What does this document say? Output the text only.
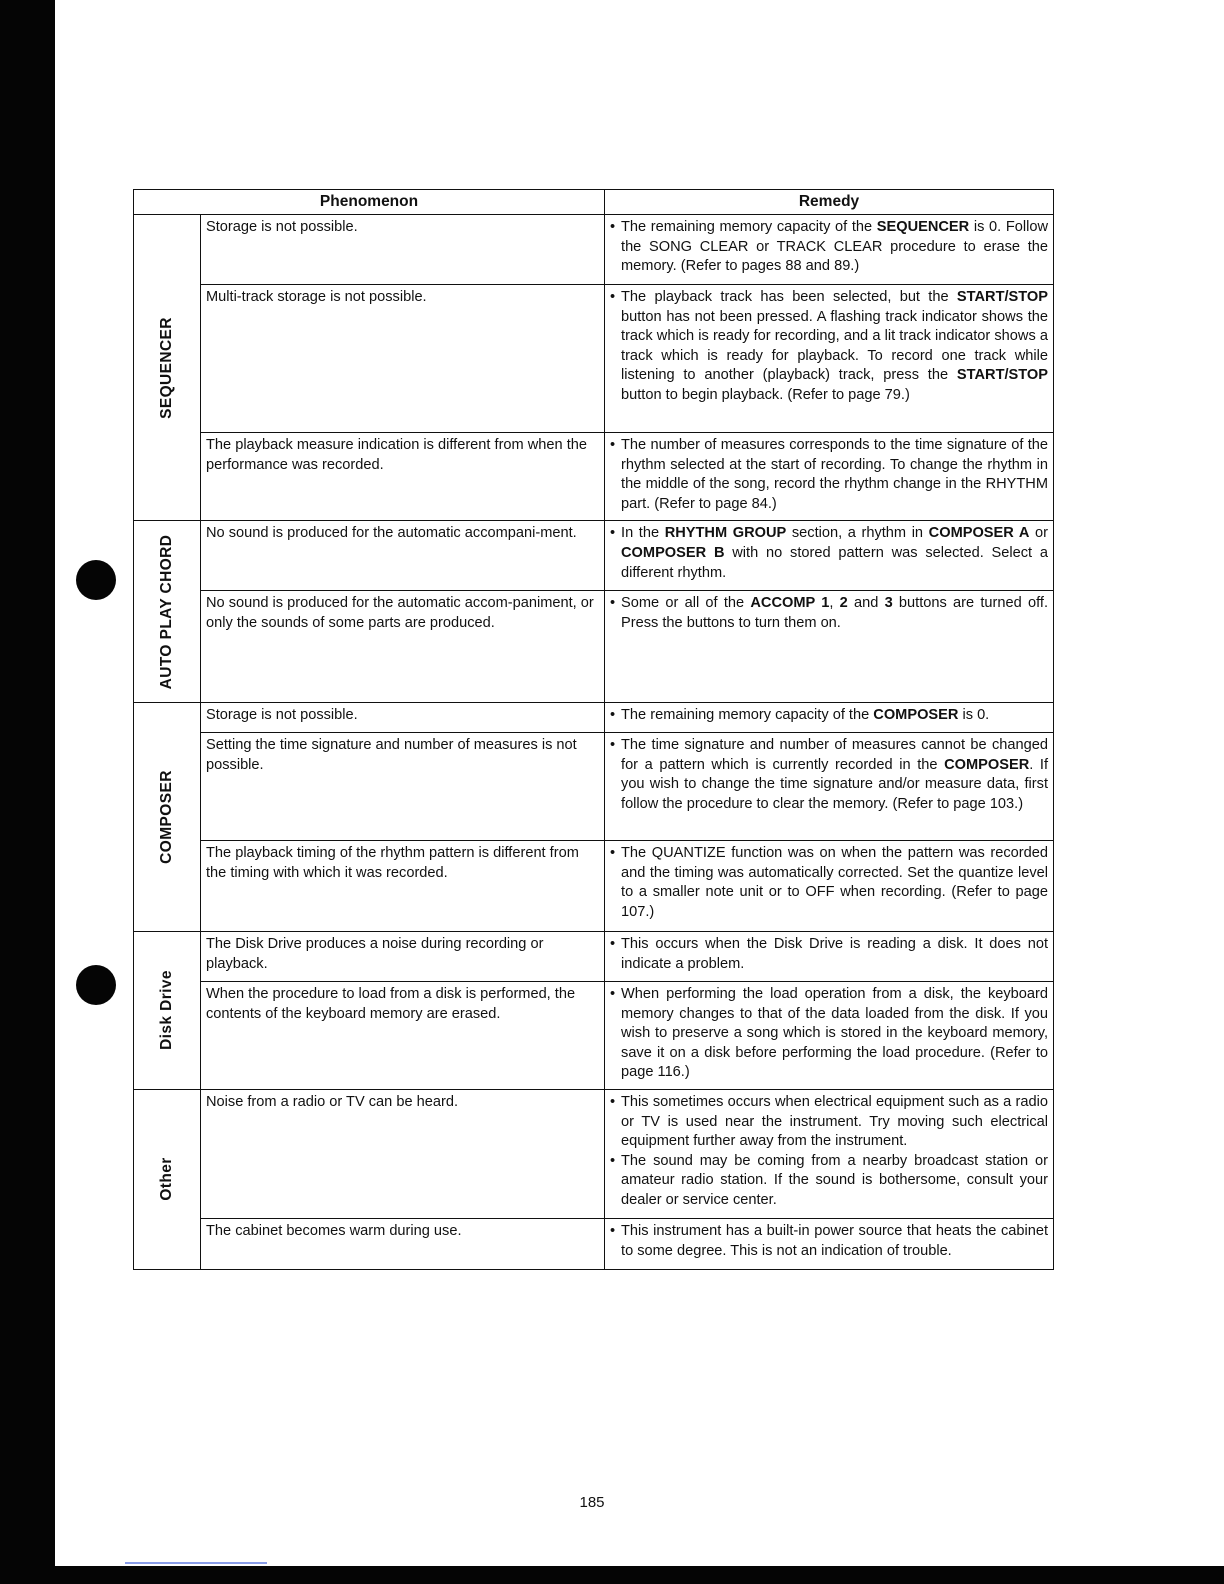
Phenomenon		Remedy

SEQUENCER	Storage is not possible.	• The remaining memory capacity of the SEQUENCER is 0. Follow the SONG CLEAR or TRACK CLEAR procedure to erase the memory. (Refer to pages 88 and 89.)

	Multi-track storage is not possible.	• The playback track has been selected, but the START/STOP button has not been pressed. A flashing track indicator shows the track which is ready for recording, and a lit track indicator shows a track which is ready for playback. To record one track while listening to another (playback) track, press the START/STOP button to begin playback. (Refer to page 79.)

	The playback measure indication is different from when the performance was recorded.	• The number of measures corresponds to the time signature of the rhythm selected at the start of recording. To change the rhythm in the middle of the song, record the rhythm change in the RHYTHM part. (Refer to page 84.)

AUTO PLAY CHORD	No sound is produced for the automatic accompani-ment.	• In the RHYTHM GROUP section, a rhythm in COMPOSER A or COMPOSER B with no stored pattern was selected. Select a different rhythm.

	No sound is produced for the automatic accom-paniment, or only the sounds of some parts are produced.	• Some or all of the ACCOMP 1, 2 and 3 buttons are turned off. Press the buttons to turn them on.

COMPOSER	Storage is not possible.	• The remaining memory capacity of the COMPOSER is 0.

	Setting the time signature and number of measures is not possible.	• The time signature and number of measures cannot be changed for a pattern which is currently recorded in the COMPOSER. If you wish to change the time signature and/or measure data, first follow the procedure to clear the memory. (Refer to page 103.)

	The playback timing of the rhythm pattern is different from the timing with which it was recorded.	• The QUANTIZE function was on when the pattern was recorded and the timing was automatically corrected. Set the quantize level to a smaller note unit or to OFF when recording. (Refer to page 107.)

Disk Drive	The Disk Drive produces a noise during recording or playback.	• This occurs when the Disk Drive is reading a disk. It does not indicate a problem.

	When the procedure to load from a disk is performed, the contents of the keyboard memory are erased.	• When performing the load operation from a disk, the keyboard memory changes to that of the data loaded from the disk. If you wish to preserve a song which is stored in the keyboard memory, save it on a disk before performing the load procedure. (Refer to page 116.)

Other	Noise from a radio or TV can be heard.	• This sometimes occurs when electrical equipment such as a radio or TV is used near the instrument. Try moving such electrical equipment further away from the instrument.
• The sound may be coming from a nearby broadcast station or amateur radio station. If the sound is bothersome, consult your dealer or service center.

	The cabinet becomes warm during use.	• This instrument has a built-in power source that heats the cabinet to some degree. This is not an indication of trouble.
185
